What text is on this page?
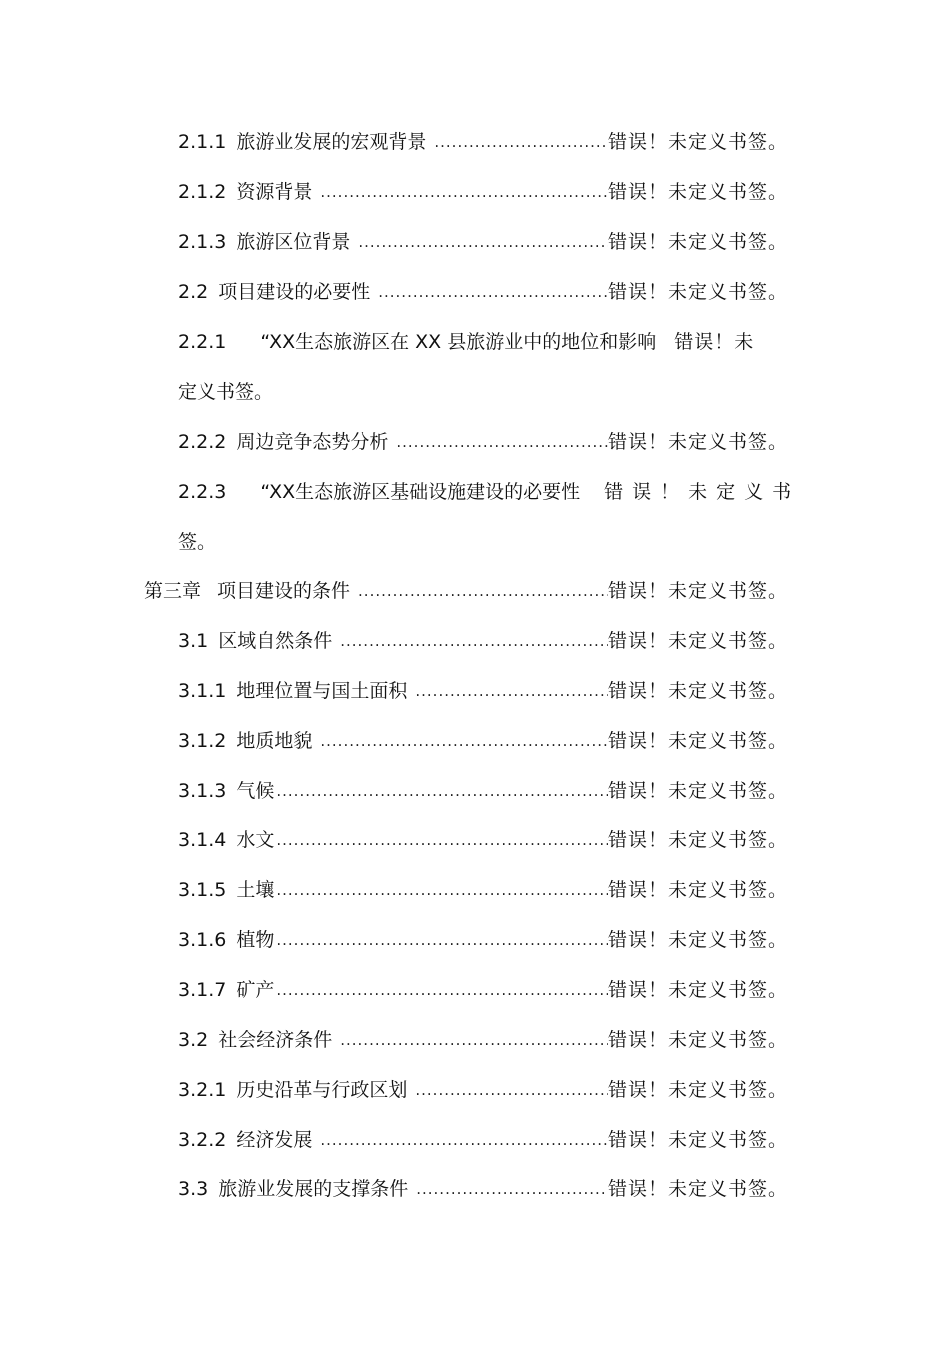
2.1.1 旅游业发展的宏观背景 .....	错误！未定义书签。
2.1.2 资源背景 .....	错误！未定义书签。
2.1.3 旅游区位背景 .....	错误！未定义书签。
2.2 项目建设的必要性 .....	错误！未定义书签。
2.2.1 “XX生态旅游区在 XX 县旅游业中的地位和影响 错误！未
定义书签。
2.2.2 周边竞争态势分析 .....	错误！未定义书签。
2.2.3 “XX生态旅游区基础设施建设的必要性 错误！未定义书
签。
第三章 项目建设的条件 .....	错误！未定义书签。
3.1 区域自然条件 .....	错误！未定义书签。
3.1.1 地理位置与国土面积 .....	错误！未定义书签。
3.1.2 地质地貌 .....	错误！未定义书签。
3.1.3 气候 .....	错误！未定义书签。
3.1.4 水文 .....	错误！未定义书签。
3.1.5 土壤 .....	错误！未定义书签。
3.1.6 植物 .....	错误！未定义书签。
3.1.7 矿产 .....	错误！未定义书签。
3.2 社会经济条件 .....	错误！未定义书签。
3.2.1 历史沿革与行政区划 .....	错误！未定义书签。
3.2.2 经济发展 .....	错误！未定义书签。
3.3 旅游业发展的支撑条件 .....	错误！未定义书签。
